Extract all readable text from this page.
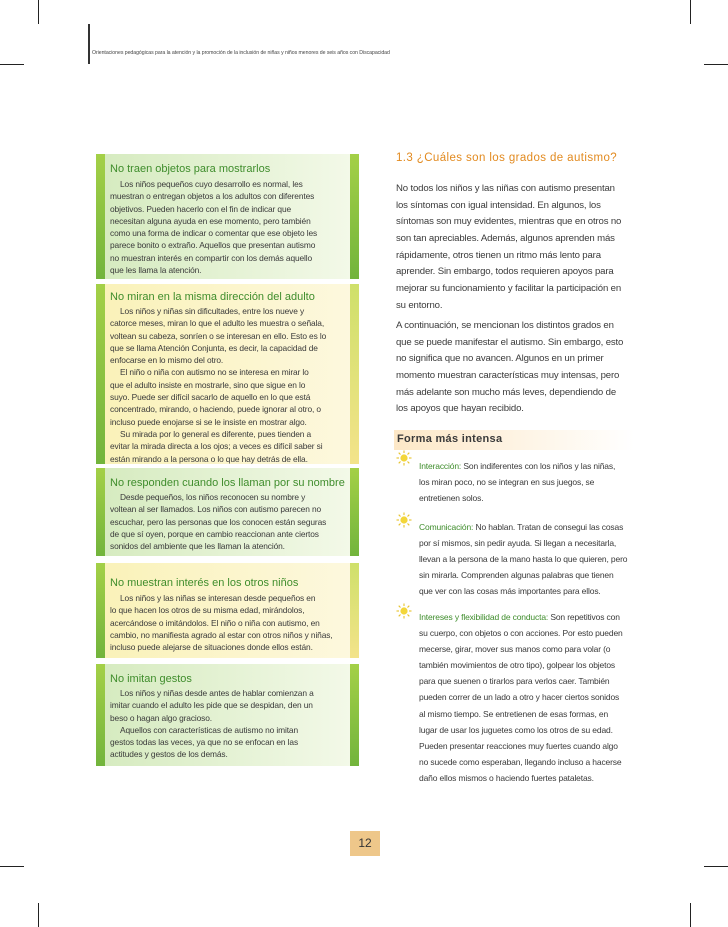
Orientaciones pedagógicas para la atención y la promoción de la inclusión de niñas y niños menores de seis años con Discapacidad
No traen objetos para mostrarlos
Los niños pequeños cuyo desarrollo es normal, les
muestran o entregan objetos a los adultos con diferentes
objetivos. Pueden hacerlo con el fin de indicar que
necesitan alguna ayuda en ese momento, pero también
como una forma de indicar o comentar que ese objeto les
parece bonito o extraño. Aquellos que presentan autismo
no muestran interés en compartir con los demás aquello
que les llama la atención.
No miran en la misma dirección del adulto
Los niños y niñas sin dificultades, entre los nueve y
catorce meses, miran lo que el adulto les muestra o señala,
voltean su cabeza, sonríen o se interesan en ello. Esto es lo
que se llama Atención Conjunta, es decir, la capacidad de
enfocarse en lo mismo del otro.
El niño o niña con autismo no se interesa en mirar lo
que el adulto insiste en mostrarle, sino que sigue en lo
suyo. Puede ser difícil sacarlo de aquello en lo que está
concentrado, mirando, o haciendo, puede ignorar al otro, o
incluso puede enojarse si se le insiste en mostrar algo.
Su mirada por lo general es diferente, pues tienden a
evitar la mirada directa a los ojos; a veces es difícil saber si
están mirando a la persona o lo que hay detrás de ella.
No responden cuando los llaman por su nombre
Desde pequeños, los niños reconocen su nombre y
voltean al ser llamados. Los niños con autismo parecen no
escuchar, pero las personas que los conocen están seguras
de que sí oyen, porque en cambio reaccionan ante ciertos
sonidos del ambiente que les llaman la atención.
No muestran interés en los otros niños
Los niños y las niñas se interesan desde pequeños en
lo que hacen los otros de su misma edad, mirándolos,
acercándose o imitándolos. El niño o niña con autismo, en
cambio, no manifiesta agrado al estar con otros niños y niñas,
incluso puede alejarse de situaciones donde ellos están.
No imitan gestos
Los niños y niñas desde antes de hablar comienzan a
imitar cuando el adulto les pide que se despidan, den un
beso o hagan algo gracioso.
Aquellos con características de autismo no imitan
gestos todas las veces, ya que no se enfocan en las
actitudes y gestos de los demás.
1.3 ¿Cuáles son los grados de autismo?
No todos los niños y las niñas con autismo presentan
los síntomas con igual intensidad. En algunos, los
síntomas son muy evidentes, mientras que en otros no
son tan apreciables. Además, algunos aprenden más
rápidamente, otros tienen un ritmo más lento para
aprender. Sin embargo, todos requieren apoyos para
mejorar su funcionamiento y facilitar la participación en
su entorno.
A continuación, se mencionan los distintos grados en
que se puede manifestar el autismo. Sin embargo, esto
no significa que no avancen. Algunos en un primer
momento muestran características muy intensas, pero
más adelante son mucho más leves, dependiendo de
los apoyos que hayan recibido.
Forma más intensa
Interacción: Son indiferentes con los niños y las niñas,
los miran poco, no se integran en sus juegos, se
entretienen solos.
Comunicación: No hablan. Tratan de consegui las cosas
por sí mismos, sin pedir ayuda. Si llegan a necesitarla,
llevan a la persona de la mano hasta lo que quieren, pero
sin mirarla. Comprenden algunas palabras que tienen
que ver con las cosas más importantes para ellos.
Intereses y flexibilidad de conducta: Son repetitivos con
su cuerpo, con objetos o con acciones. Por esto pueden
mecerse, girar, mover sus manos como para volar (o
también movimientos de otro tipo), golpear los objetos
para que suenen o tirarlos para verlos caer. También
pueden correr de un lado a otro y hacer ciertos sonidos
al mismo tiempo. Se entretienen de esas formas, en
lugar de usar los juguetes como los otros de su edad.
Pueden presentar reacciones muy fuertes cuando algo
no sucede como esperaban, llegando incluso a hacerse
daño ellos mismos o haciendo fuertes pataletas.
12
